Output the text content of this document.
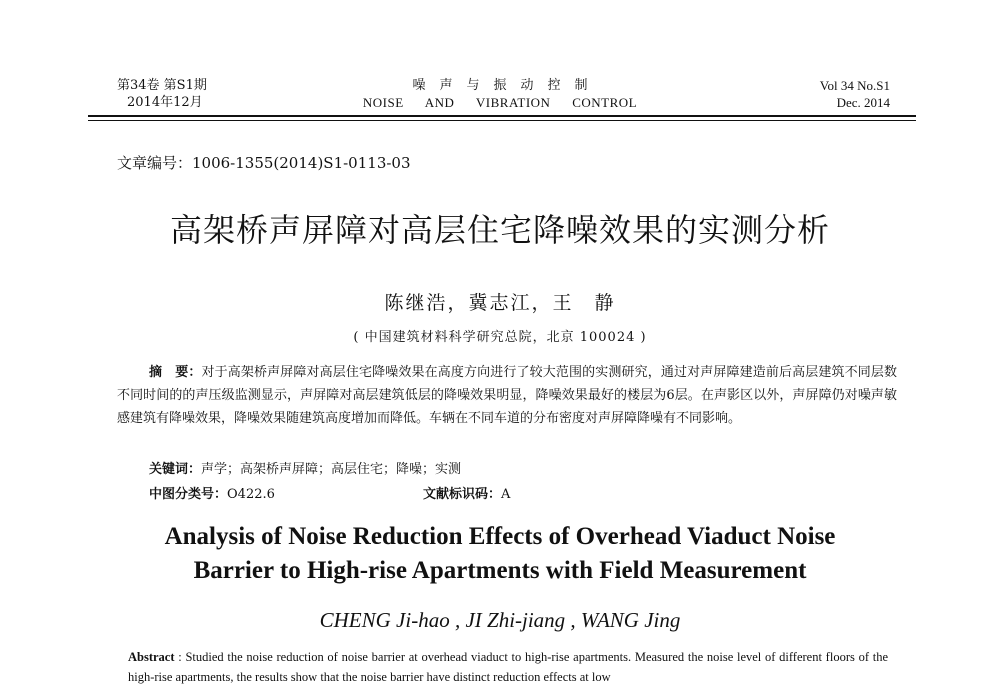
第34卷 第S1期
2014年12月
噪声与振动控制
NOISE AND VIBRATION CONTROL
Vol 34 No.S1
Dec. 2014
文章编号：1006-1355(2014)S1-0113-03
高架桥声屏障对高层住宅降噪效果的实测分析
陈继浩，冀志江，王　静
( 中国建筑材料科学研究总院，北京 100024 )
摘　要：对于高架桥声屏障对高层住宅降噪效果在高度方向进行了较大范围的实测研究，通过对声屏障建造前后高层建筑不同层数不同时间的的声压级监测显示，声屏障对高层建筑低层的降噪效果明显，降噪效果最好的楼层为6层。在声影区以外，声屏障仍对噪声敏感建筑有降噪效果，降噪效果随建筑高度增加而降低。车辆在不同车道的分布密度对声屏障降噪有不同影响。
关键词：声学；高架桥声屏障；高层住宅；降噪；实测
中图分类号：O422.6	文献标识码：A
Analysis of Noise Reduction Effects of Overhead Viaduct Noise
Barrier to High-rise Apartments with Field Measurement
CHENG Ji-hao , JI Zhi-jiang , WANG Jing
Abstract : Studied the noise reduction of noise barrier at overhead viaduct to high-rise apartments. Measured the noise level of different floors of the high-rise apartments, the results show that the noise barrier have distinct reduction effects at low
